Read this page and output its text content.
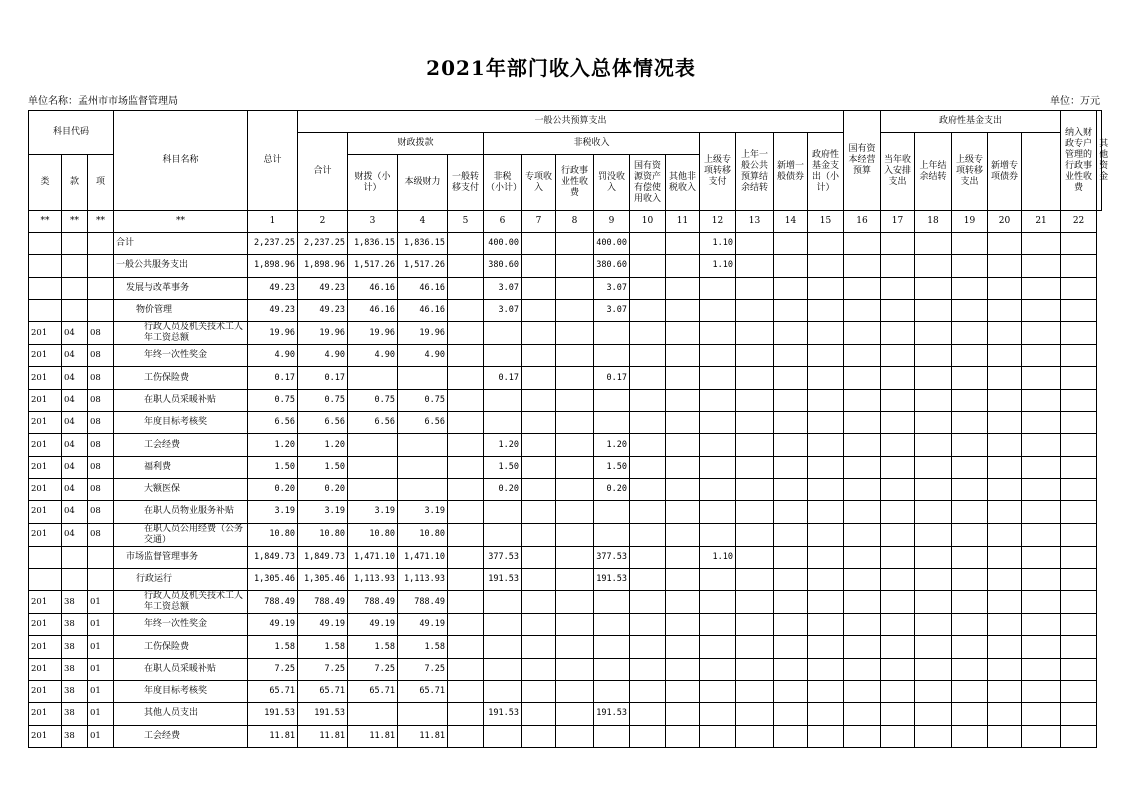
2021年部门收入总体情况表
单位名称：孟州市市场监督管理局	单位：万元
科目代码			科目名称	总计	一般公共预算支出														国有资本经营预算	政府性基金支出					纳入财政专户管理的行政事业性收费	其他资金
					合计	财政拨款			非税收入						上级专项转移支付	上年一般公共预算结余结转	新增一般债券	政府性基金支出（小计）		当年收入安排支出	上年结余结转	上级专项转移支出	新增专项债券			
类	款	项				财拨（小计）	本级财力	一般转移支付	非税（小计）	专项收入	行政事业性收费	罚没收入	国有资源资产有偿使用收入	其他非税收入												

**	**	**	**	1	2	3	4	5	6	7	8	9	10	11	12	13	14	15	16	17	18	19	20	21	22	
			合计	2,237.25	2,237.25	1,836.15	1,836.15		400.00			400.00			1.10											
			一般公共服务支出	1,898.96	1,898.96	1,517.26	1,517.26		380.60			380.60			1.10											
			发展与改革事务	49.23	49.23	46.16	46.16		3.07			3.07														
			物价管理	49.23	49.23	46.16	46.16		3.07			3.07														
201	04	08	行政人员及机关技术工人年工资总额	19.96	19.96	19.96	19.96																			
201	04	08	年终一次性奖金	4.90	4.90	4.90	4.90																			
201	04	08	工伤保险费	0.17	0.17				0.17			0.17														
201	04	08	在职人员采暖补贴	0.75	0.75	0.75	0.75																			
201	04	08	年度目标考核奖	6.56	6.56	6.56	6.56																			
201	04	08	工会经费	1.20	1.20				1.20			1.20														
201	04	08	福利费	1.50	1.50				1.50			1.50														
201	04	08	大额医保	0.20	0.20				0.20			0.20														
201	04	08	在职人员物业服务补贴	3.19	3.19	3.19	3.19																			
201	04	08	在职人员公用经费（公务交通）	10.80	10.80	10.80	10.80																			
			市场监督管理事务	1,849.73	1,849.73	1,471.10	1,471.10		377.53			377.53			1.10											
			行政运行	1,305.46	1,305.46	1,113.93	1,113.93		191.53			191.53														
201	38	01	行政人员及机关技术工人年工资总额	788.49	788.49	788.49	788.49																			
201	38	01	年终一次性奖金	49.19	49.19	49.19	49.19																			
201	38	01	工伤保险费	1.58	1.58	1.58	1.58																			
201	38	01	在职人员采暖补贴	7.25	7.25	7.25	7.25																			
201	38	01	年度目标考核奖	65.71	65.71	65.71	65.71																			
201	38	01	其他人员支出	191.53	191.53				191.53			191.53														
201	38	01	工会经费	11.81	11.81	11.81	11.81																			
